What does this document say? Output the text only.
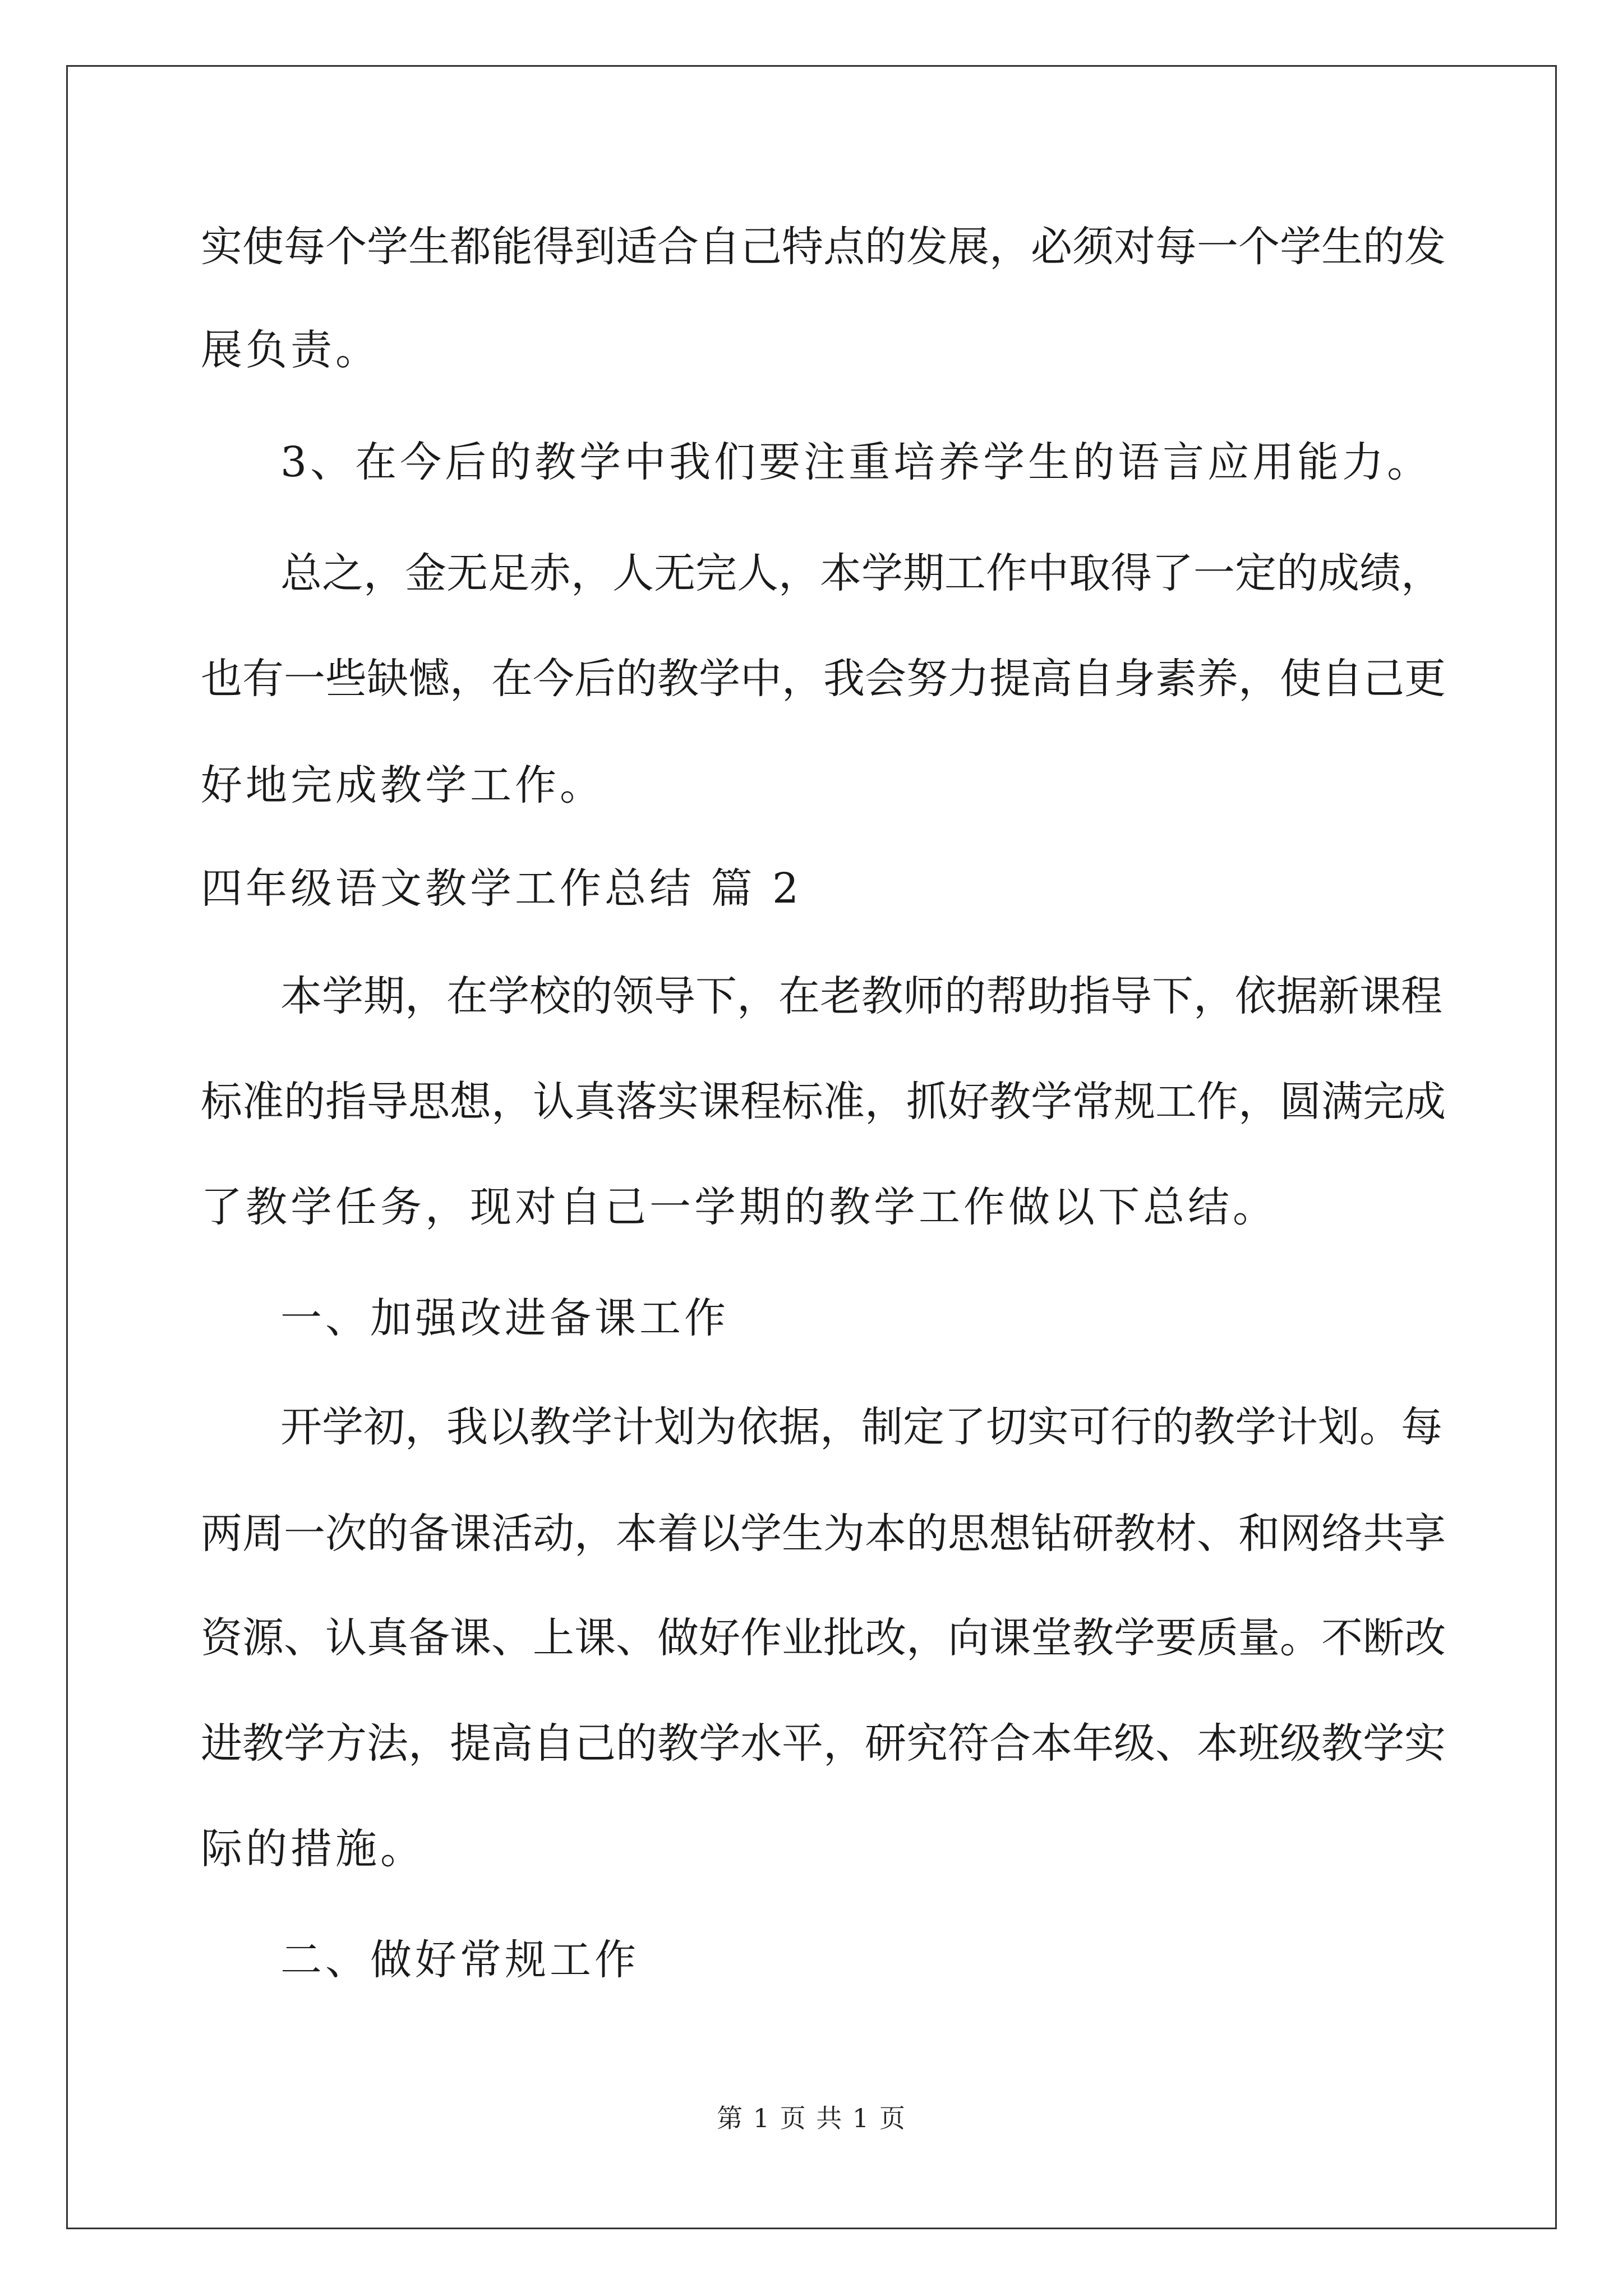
实使每个学生都能得到适合自己特点的发展，必须对每一个学生的发
展负责。
3、在今后的教学中我们要注重培养学生的语言应用能力。
总之，金无足赤，人无完人，本学期工作中取得了一定的成绩，
也有一些缺憾，在今后的教学中，我会努力提高自身素养，使自己更
好地完成教学工作。
四年级语文教学工作总结 篇 2
本学期，在学校的领导下，在老教师的帮助指导下，依据新课程
标准的指导思想，认真落实课程标准，抓好教学常规工作，圆满完成
了教学任务，现对自己一学期的教学工作做以下总结。
一、加强改进备课工作
开学初，我以教学计划为依据，制定了切实可行的教学计划。每
两周一次的备课活动，本着以学生为本的思想钻研教材、和网络共享
资源、认真备课、上课、做好作业批改，向课堂教学要质量。不断改
进教学方法，提高自己的教学水平，研究符合本年级、本班级教学实
际的措施。
二、做好常规工作
第 1 页 共 1 页
